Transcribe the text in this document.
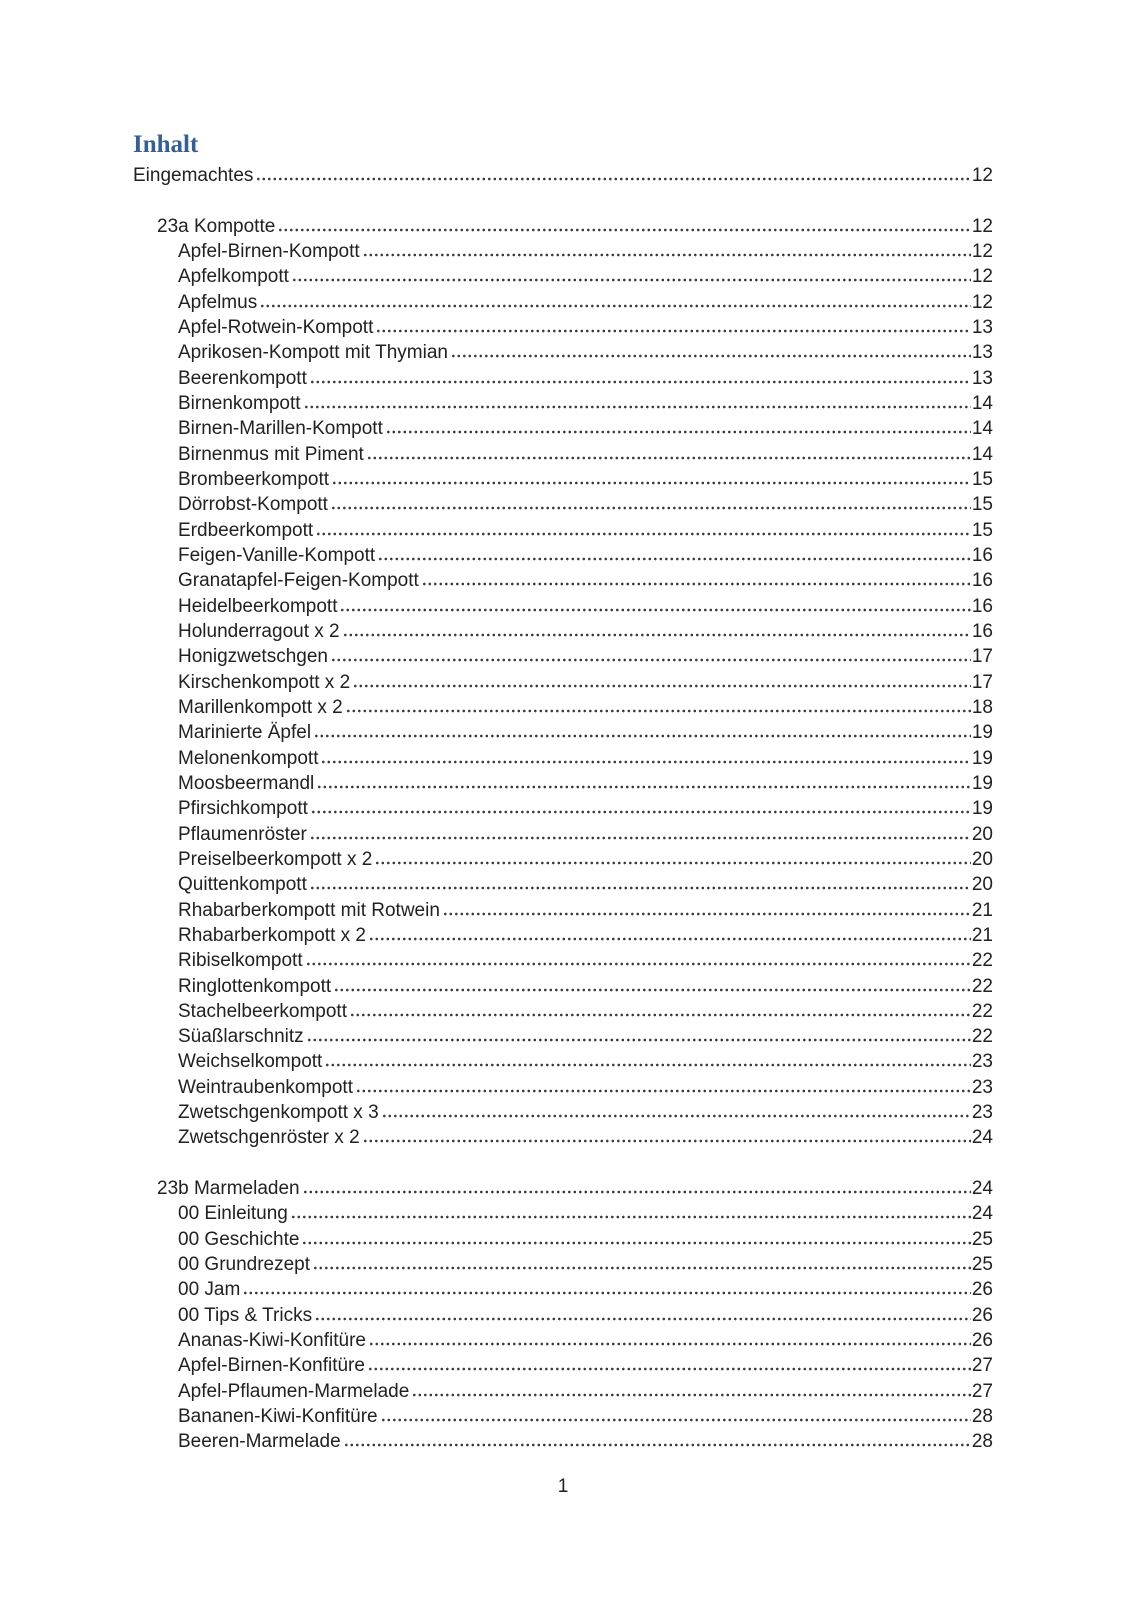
Inhalt
Eingemachtes	12
23a Kompotte	12
Apfel-Birnen-Kompott	12
Apfelkompott	12
Apfelmus	12
Apfel-Rotwein-Kompott	13
Aprikosen-Kompott mit Thymian	13
Beerenkompott	13
Birnenkompott	14
Birnen-Marillen-Kompott	14
Birnenmus mit Piment	14
Brombeerkompott	15
Dörrobst-Kompott	15
Erdbeerkompott	15
Feigen-Vanille-Kompott	16
Granatapfel-Feigen-Kompott	16
Heidelbeerkompott	16
Holunderragout x 2	16
Honigzwetschgen	17
Kirschenkompott x 2	17
Marillenkompott x 2	18
Marinierte Äpfel	19
Melonenkompott	19
Moosbeermandl	19
Pfirsichkompott	19
Pflaumenröster	20
Preiselbeerkompott x 2	20
Quittenkompott	20
Rhabarberkompott mit Rotwein	21
Rhabarberkompott x 2	21
Ribiselkompott	22
Ringlottenkompott	22
Stachelbeerkompott	22
Süaßlarschnitz	22
Weichselkompott	23
Weintraubenkompott	23
Zwetschgenkompott x 3	23
Zwetschgenröster x 2	24
23b Marmeladen	24
00 Einleitung	24
00 Geschichte	25
00 Grundrezept	25
00 Jam	26
00 Tips & Tricks	26
Ananas-Kiwi-Konfitüre	26
Apfel-Birnen-Konfitüre	27
Apfel-Pflaumen-Marmelade	27
Bananen-Kiwi-Konfitüre	28
Beeren-Marmelade	28
1
